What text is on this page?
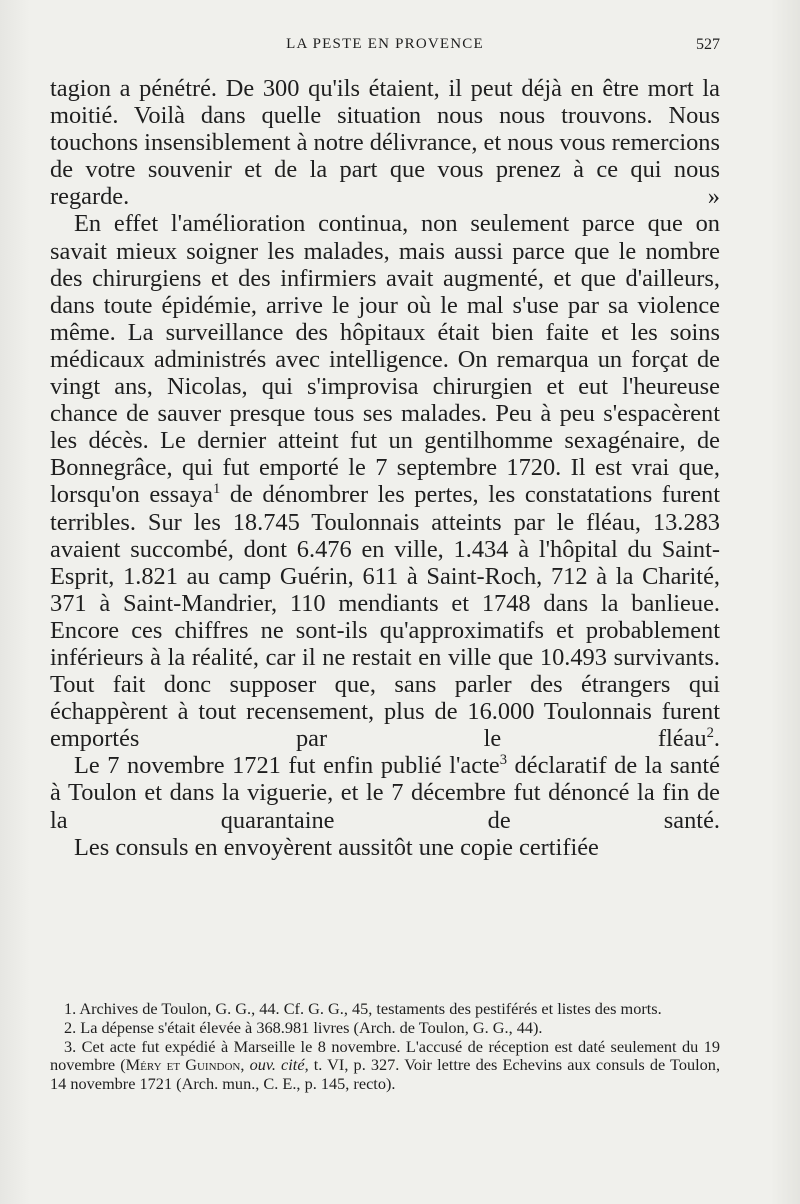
LA PESTE EN PROVENCE	527

tagion a pénétré. De 300 qu'ils étaient, il peut déjà en être mort la moitié. Voilà dans quelle situation nous nous trouvons. Nous touchons insensiblement à notre délivrance, et nous vous remercions de votre souvenir et de la part que vous prenez à ce qui nous regarde. »

En effet l'amélioration continua, non seulement parce que on savait mieux soigner les malades, mais aussi parce que le nombre des chirurgiens et des infirmiers avait augmenté, et que d'ailleurs, dans toute épidémie, arrive le jour où le mal s'use par sa violence même. La surveillance des hôpitaux était bien faite et les soins médicaux administrés avec intelligence. On remarqua un forçat de vingt ans, Nicolas, qui s'improvisa chirurgien et eut l'heureuse chance de sauver presque tous ses malades. Peu à peu s'espacèrent les décès. Le dernier atteint fut un gentilhomme sexagénaire, de Bonnegrâce, qui fut emporté le 7 septembre 1720. Il est vrai que, lorsqu'on essaya$^1$ de dénombrer les pertes, les constatations furent terribles. Sur les 18.745 Toulonnais atteints par le fléau, 13.283 avaient succombé, dont 6.476 en ville, 1.434 à l'hôpital du Saint-Esprit, 1.821 au camp Guérin, 611 à Saint-Roch, 712 à la Charité, 371 à Saint-Mandrier, 110 mendiants et 1748 dans la banlieue. Encore ces chiffres ne sont-ils qu'approximatifs et probablement inférieurs à la réalité, car il ne restait en ville que 10.493 survivants. Tout fait donc supposer que, sans parler des étrangers qui échappèrent à tout recensement, plus de 16.000 Toulonnais furent emportés par le fléau$^2$.

Le 7 novembre 1721 fut enfin publié l'acte$^3$ déclaratif de la santé à Toulon et dans la viguerie, et le 7 décembre fut dénoncé la fin de la quarantaine de santé.

Les consuls en envoyèrent aussitôt une copie certifiée

1. Archives de Toulon, G. G., 44. Cf. G. G., 45, testaments des pestiférés et listes des morts.

2. La dépense s'était élevée à 368.981 livres (Arch. de Toulon, G. G., 44).

3. Cet acte fut expédié à Marseille le 8 novembre. L'accusé de réception est daté seulement du 19 novembre (Méry et Guindon, ouv. cité, t. VI, p. 327. Voir lettre des Echevins aux consuls de Toulon, 14 novembre 1721 (Arch. mun., C. E., p. 145, recto).
